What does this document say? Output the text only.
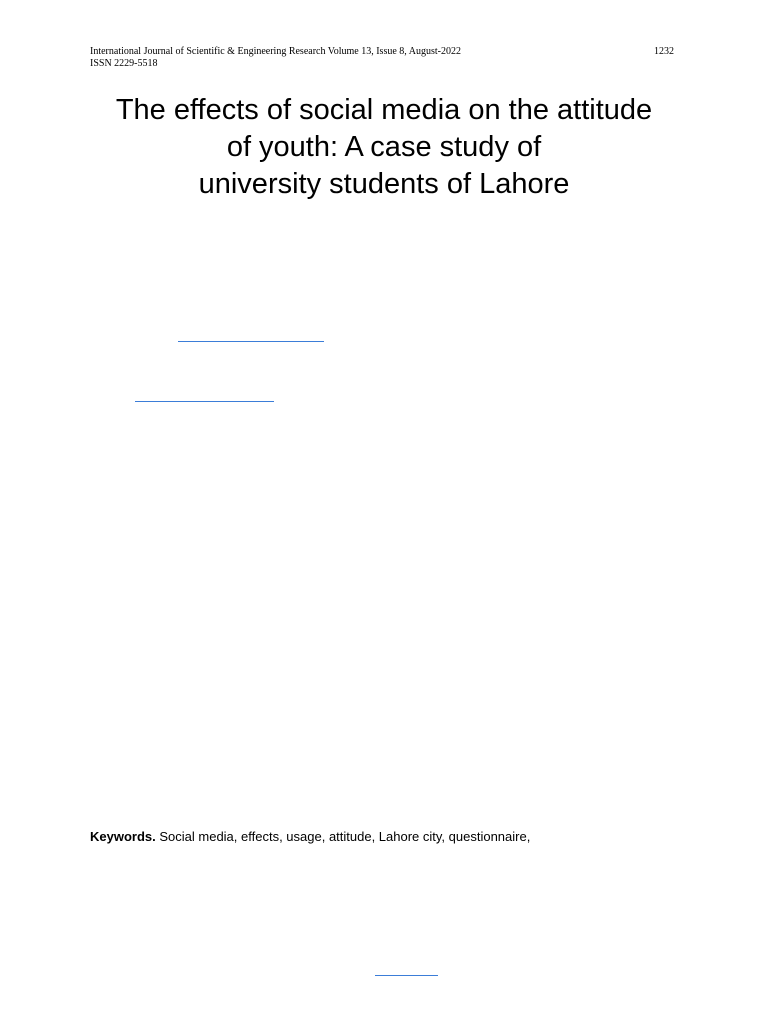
International Journal of Scientific & Engineering Research Volume 13, Issue 8, August-2022	1232
ISSN 2229-5518
The effects of social media on the attitude
of youth: A case study of
university students of Lahore
Keywords. Social media, effects, usage, attitude, Lahore city, questionnaire,
